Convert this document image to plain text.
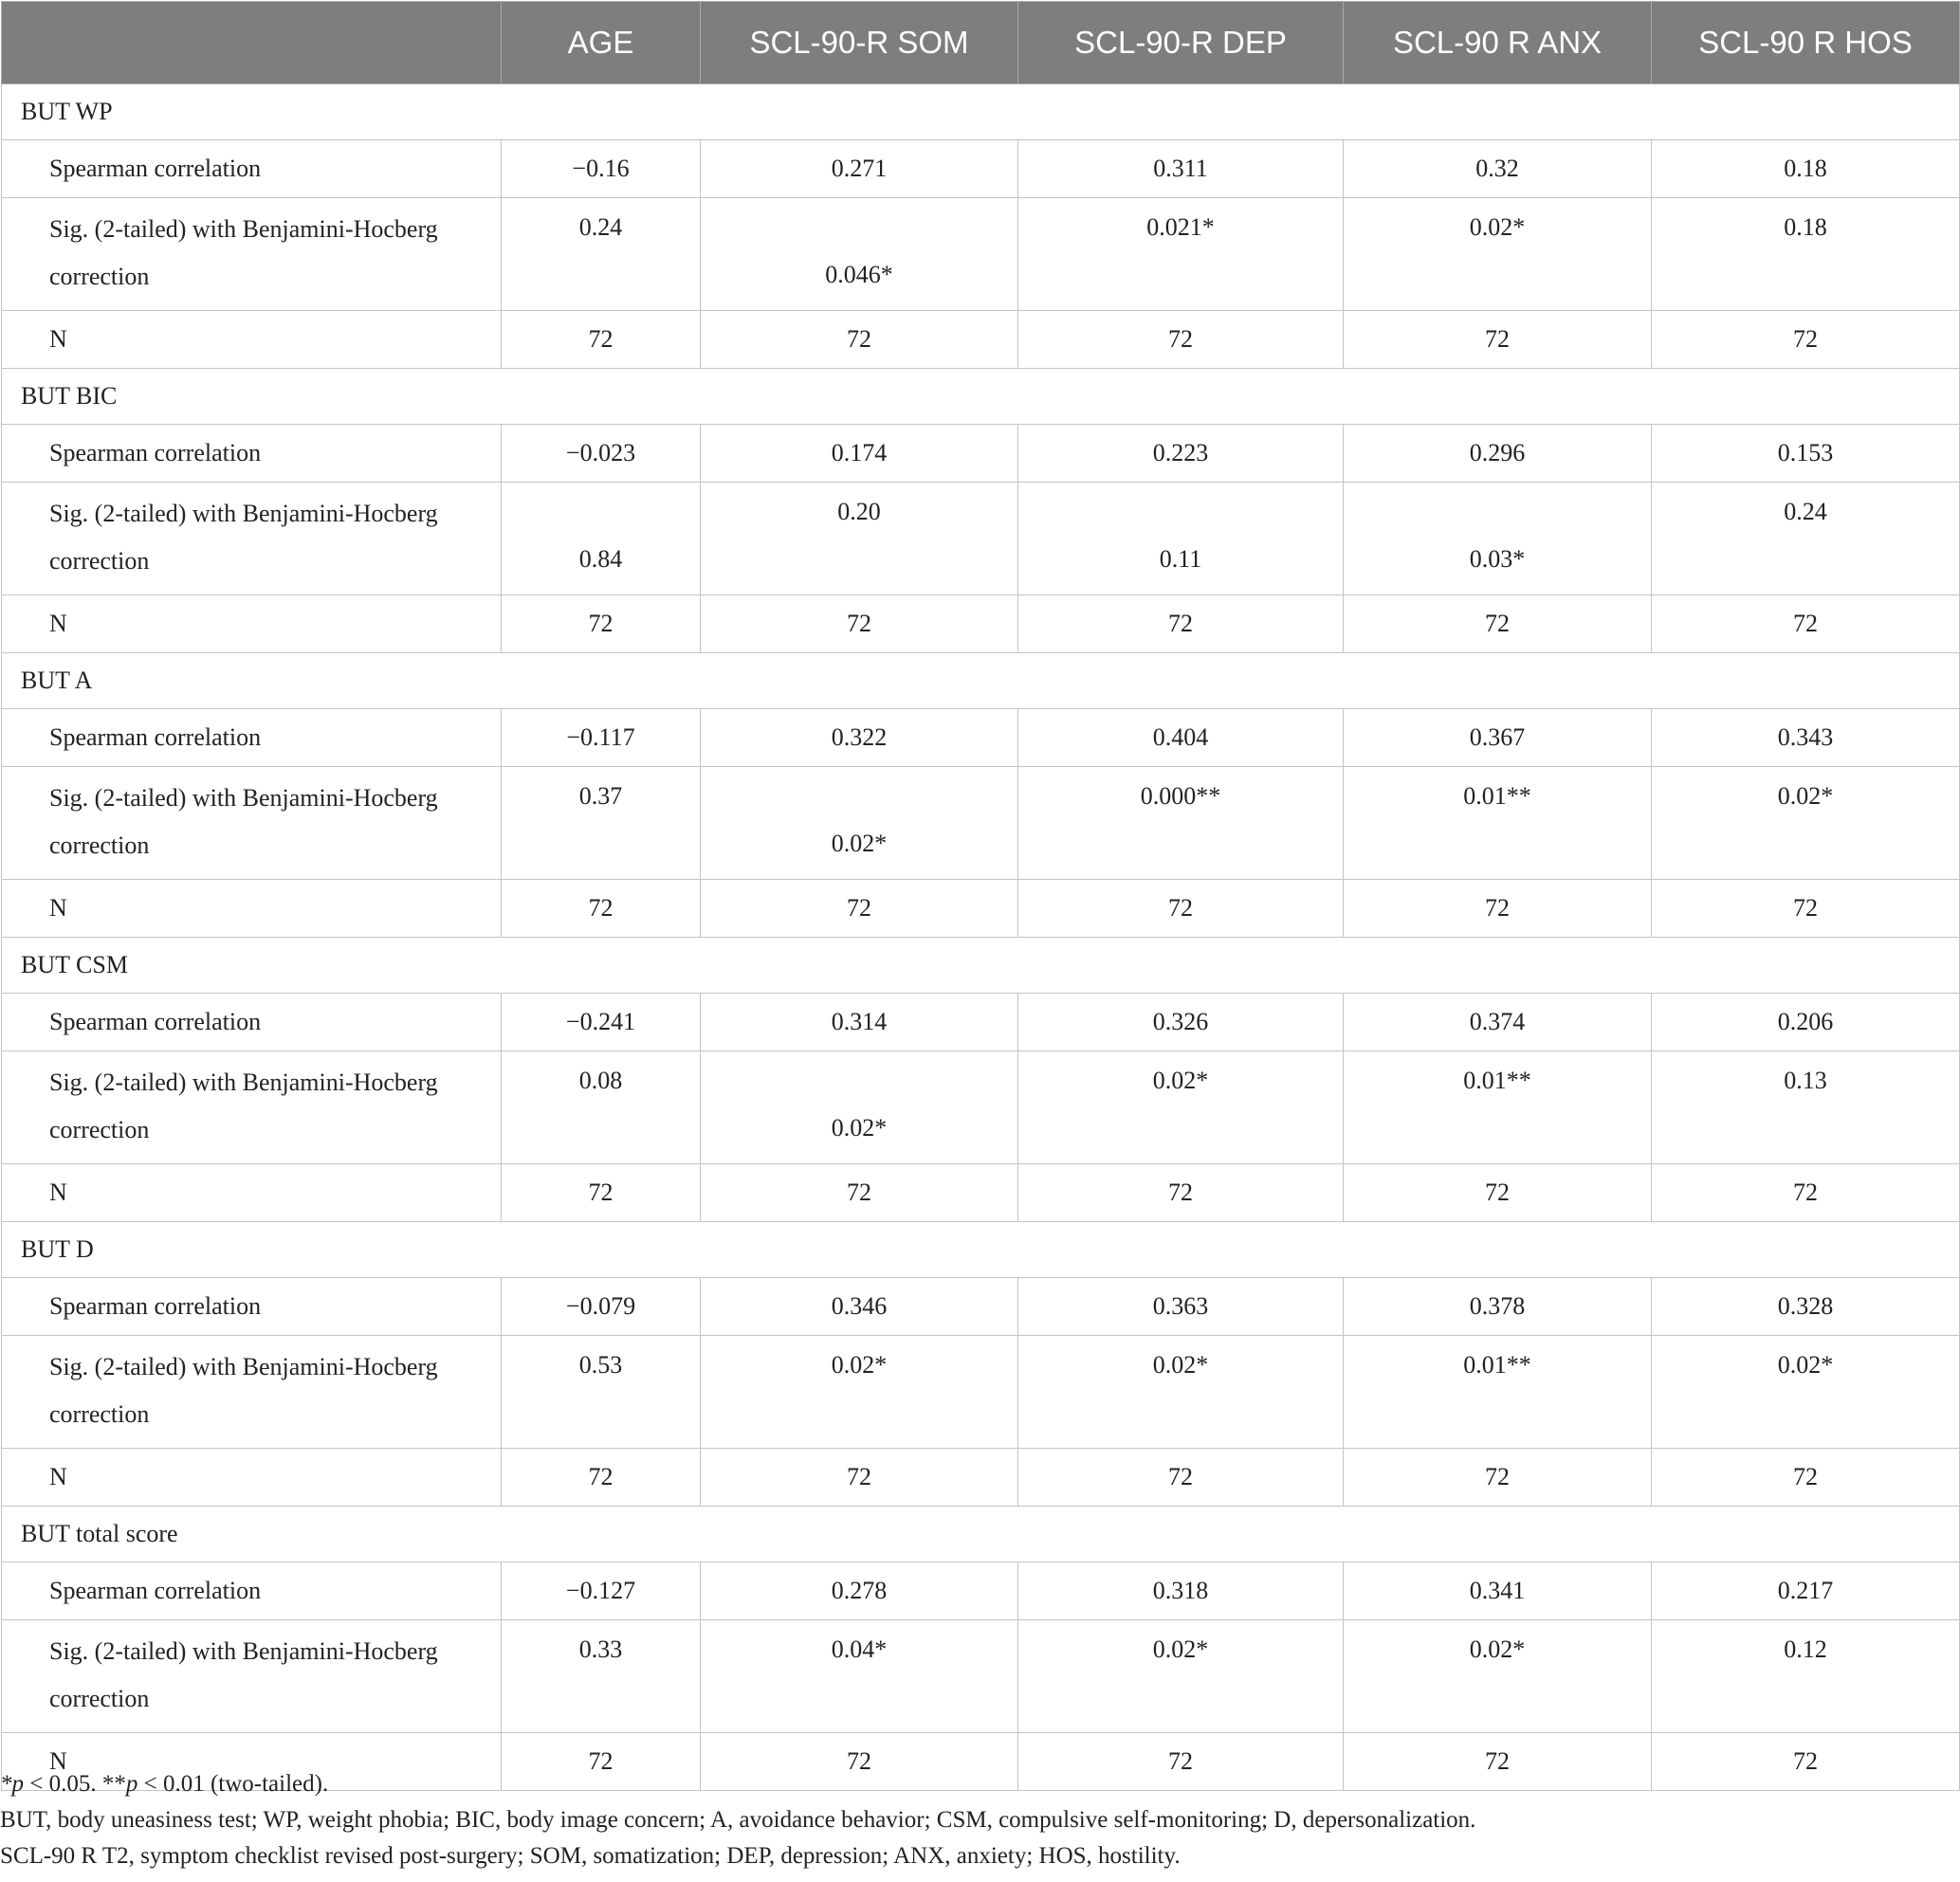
	AGE	SCL-90-R SOM	SCL-90-R DEP	SCL-90 R ANX	SCL-90 R HOS
BUT WP					
Spearman correlation	−0.16	0.271	0.311	0.32	0.18
Sig. (2-tailed) with Benjamini-Hocberg correction	0.24	0.046*	0.021*	0.02*	0.18

N	72	72	72	72	72
BUT BIC					
Spearman correlation	−0.023	0.174	0.223	0.296	0.153
Sig. (2-tailed) with Benjamini-Hocberg correction	0.84	0.20	0.11	0.03*	0.24

N	72	72	72	72	72
BUT A					
Spearman correlation	−0.117	0.322	0.404	0.367	0.343
Sig. (2-tailed) with Benjamini-Hocberg correction	0.37	0.02*	0.000**	0.01**	0.02*

N	72	72	72	72	72
BUT CSM					
Spearman correlation	−0.241	0.314	0.326	0.374	0.206
Sig. (2-tailed) with Benjamini-Hocberg correction	0.08	0.02*	0.02*	0.01**	0.13

N	72	72	72	72	72
BUT D					
Spearman correlation	−0.079	0.346	0.363	0.378	0.328
Sig. (2-tailed) with Benjamini-Hocberg correction	0.53	0.02*	0.02*	0.01**	0.02*

N	72	72	72	72	72
BUT total score					
Spearman correlation	−0.127	0.278	0.318	0.341	0.217
Sig. (2-tailed) with Benjamini-Hocberg correction	0.33	0.04*	0.02*	0.02*	0.12

N	72	72	72	72	72
*p < 0.05. **p < 0.01 (two-tailed).
BUT, body uneasiness test; WP, weight phobia; BIC, body image concern; A, avoidance behavior; CSM, compulsive self-monitoring; D, depersonalization.
SCL-90 R T2, symptom checklist revised post-surgery; SOM, somatization; DEP, depression; ANX, anxiety; HOS, hostility.
